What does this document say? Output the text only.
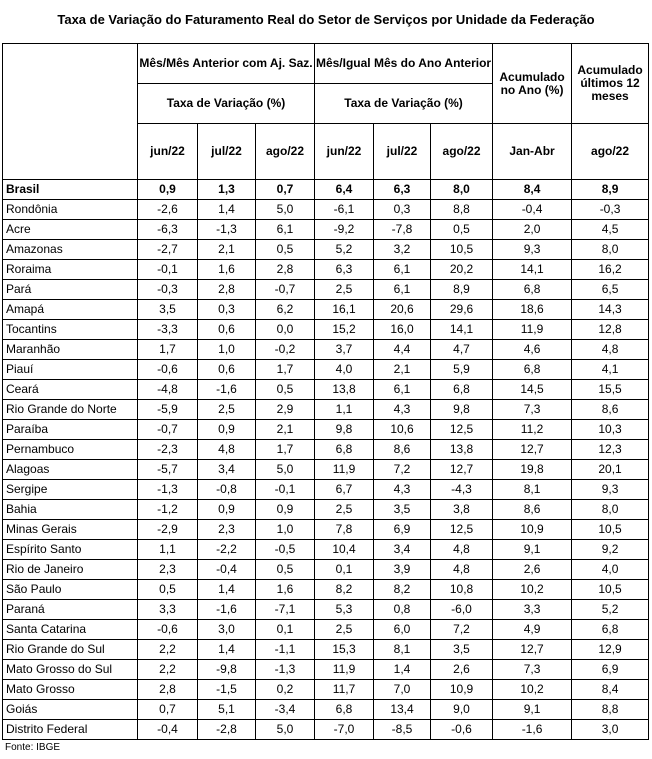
Taxa de Variação do Faturamento Real do Setor de Serviços por Unidade da Federação
	Mês/Mês Anterior com Aj. Saz.			Mês/Igual Mês do Ano Anterior			Acumulado no Ano (%)	Acumulado últimos 12 meses
	Taxa de Variação (%)			Taxa de Variação (%)				
	jun/22	jul/22	ago/22	jun/22	jul/22	ago/22	Jan-Abr	ago/22
Brasil	0,9	1,3	0,7	6,4	6,3	8,0	8,4	8,9
Rondônia	-2,6	1,4	5,0	-6,1	0,3	8,8	-0,4	-0,3
Acre	-6,3	-1,3	6,1	-9,2	-7,8	0,5	2,0	4,5
Amazonas	-2,7	2,1	0,5	5,2	3,2	10,5	9,3	8,0
Roraima	-0,1	1,6	2,8	6,3	6,1	20,2	14,1	16,2
Pará	-0,3	2,8	-0,7	2,5	6,1	8,9	6,8	6,5
Amapá	3,5	0,3	6,2	16,1	20,6	29,6	18,6	14,3
Tocantins	-3,3	0,6	0,0	15,2	16,0	14,1	11,9	12,8
Maranhão	1,7	1,0	-0,2	3,7	4,4	4,7	4,6	4,8
Piauí	-0,6	0,6	1,7	4,0	2,1	5,9	6,8	4,1
Ceará	-4,8	-1,6	0,5	13,8	6,1	6,8	14,5	15,5
Rio Grande do Norte	-5,9	2,5	2,9	1,1	4,3	9,8	7,3	8,6
Paraíba	-0,7	0,9	2,1	9,8	10,6	12,5	11,2	10,3
Pernambuco	-2,3	4,8	1,7	6,8	8,6	13,8	12,7	12,3
Alagoas	-5,7	3,4	5,0	11,9	7,2	12,7	19,8	20,1
Sergipe	-1,3	-0,8	-0,1	6,7	4,3	-4,3	8,1	9,3
Bahia	-1,2	0,9	0,9	2,5	3,5	3,8	8,6	8,0
Minas Gerais	-2,9	2,3	1,0	7,8	6,9	12,5	10,9	10,5
Espírito Santo	1,1	-2,2	-0,5	10,4	3,4	4,8	9,1	9,2
Rio de Janeiro	2,3	-0,4	0,5	0,1	3,9	4,8	2,6	4,0
São Paulo	0,5	1,4	1,6	8,2	8,2	10,8	10,2	10,5
Paraná	3,3	-1,6	-7,1	5,3	0,8	-6,0	3,3	5,2
Santa Catarina	-0,6	3,0	0,1	2,5	6,0	7,2	4,9	6,8
Rio Grande do Sul	2,2	1,4	-1,1	15,3	8,1	3,5	12,7	12,9
Mato Grosso do Sul	2,2	-9,8	-1,3	11,9	1,4	2,6	7,3	6,9
Mato Grosso	2,8	-1,5	0,2	11,7	7,0	10,9	10,2	8,4
Goiás	0,7	5,1	-3,4	6,8	13,4	9,0	9,1	8,8
Distrito Federal	-0,4	-2,8	5,0	-7,0	-8,5	-0,6	-1,6	3,0
Fonte: IBGE
